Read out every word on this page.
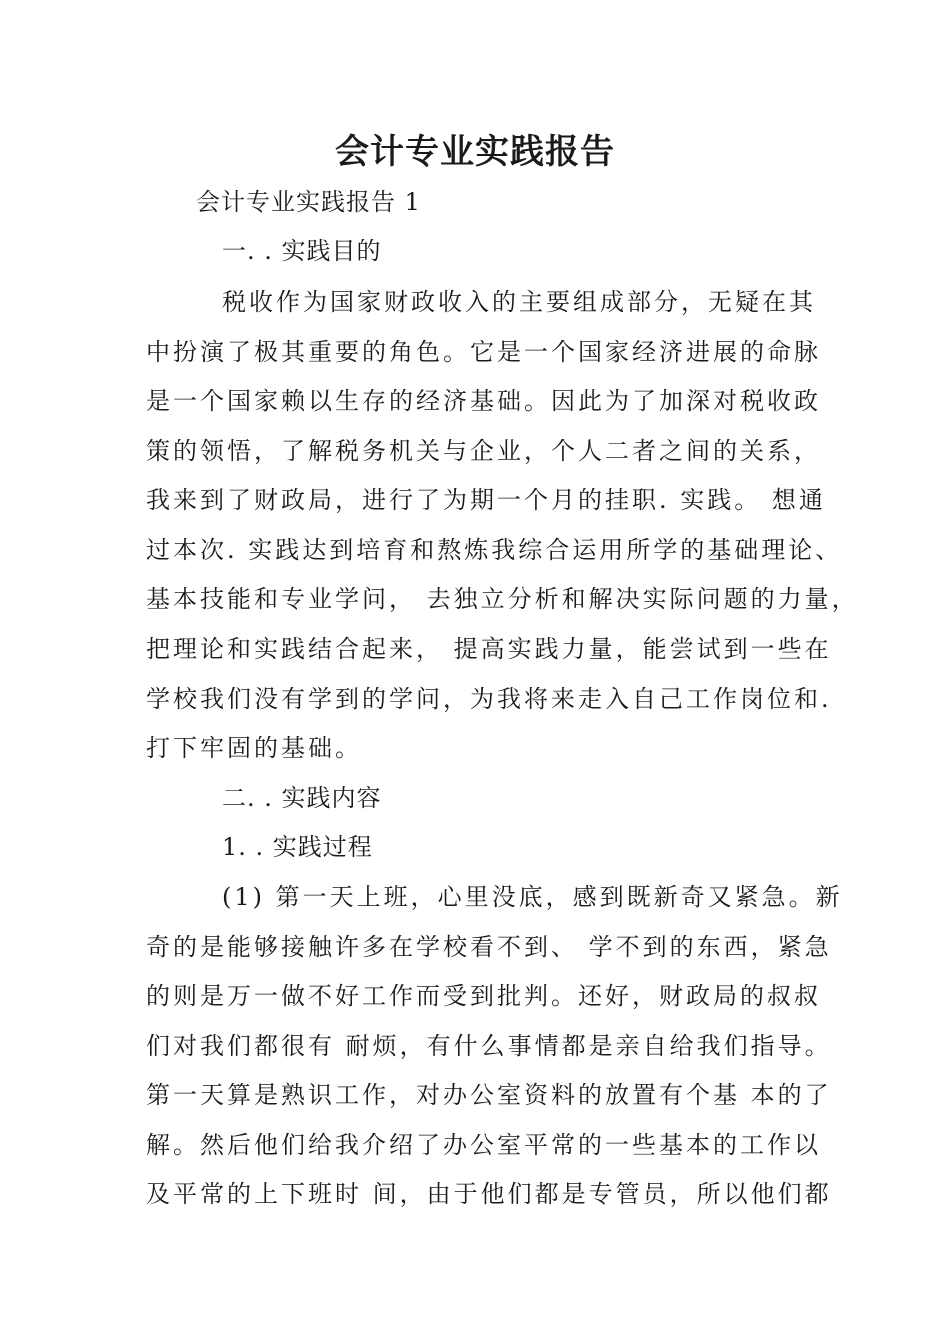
会计专业实践报告
会计专业实践报告 1
一. . 实践目的
税收作为国家财政收入的主要组成部分，无疑在其
中扮演了极其重要的角色。它是一个国家经济进展的命脉
是一个国家赖以生存的经济基础。因此为了加深对税收政
策的领悟，了解税务机关与企业，个人二者之间的关系，
我来到了财政局，进行了为期一个月的挂职. 实践。 想通
过本次. 实践达到培育和熬炼我综合运用所学的基础理论、
基本技能和专业学问， 去独立分析和解决实际问题的力量，
把理论和实践结合起来， 提高实践力量，能尝试到一些在
学校我们没有学到的学问，为我将来走入自己工作岗位和.
打下牢固的基础。
二. . 实践内容
1. . 实践过程
(1) 第一天上班，心里没底，感到既新奇又紧急。新
奇的是能够接触许多在学校看不到、 学不到的东西，紧急
的则是万一做不好工作而受到批判。还好，财政局的叔叔
们对我们都很有 耐烦，有什么事情都是亲自给我们指导。
第一天算是熟识工作，对办公室资料的放置有个基 本的了
解。然后他们给我介绍了办公室平常的一些基本的工作以
及平常的上下班时 间，由于他们都是专管员，所以他们都
